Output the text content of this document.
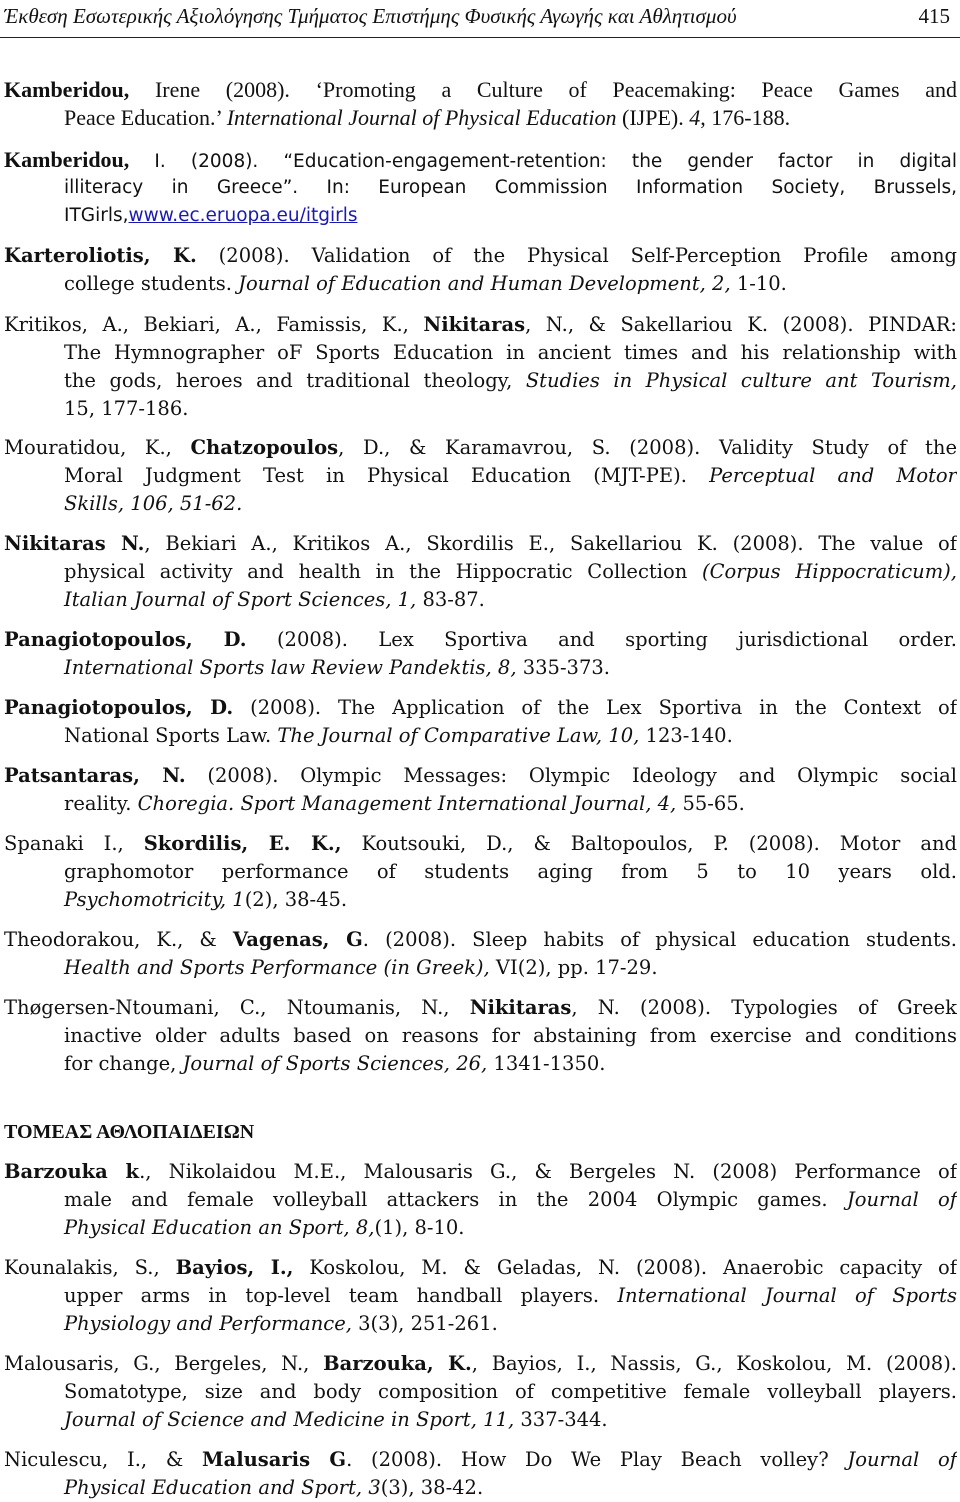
Έκθεση Εσωτερικής Αξιολόγησης Τμήματος Επιστήμης Φυσικής Αγωγής και Αθλητισμού	415
Kamberidou, Irene (2008). ‘Promoting a Culture of Peacemaking: Peace Games and
Peace Education.’ International Journal of Physical Education (IJPE). 4, 176-188.
Kamberidou, I. (2008). “Education-engagement-retention: the gender factor in digital
illiteracy in Greece”. In: European Commission Information Society, Brussels,
ITGirls,www.ec.eruopa.eu/itgirls
Karteroliotis, K. (2008). Validation of the Physical Self-Perception Profile among
college students. Journal of Education and Human Development, 2, 1-10.
Kritikos, A., Bekiari, A., Famissis, K., Nikitaras, N., & Sakellariou K. (2008). PINDAR:
The Hymnographer oF Sports Education in ancient times and his relationship with
the gods, heroes and traditional theology, Studies in Physical culture ant Tourism,
15, 177-186.
Mouratidou, K., Chatzopoulos, D., & Karamavrou, S. (2008). Validity Study of the
Moral Judgment Test in Physical Education (MJT-PE). Perceptual and Motor
Skills, 106, 51-62.
Nikitaras N., Bekiari A., Kritikos A., Skordilis E., Sakellariou K. (2008). The value of
physical activity and health in the Hippocratic Collection (Corpus Hippocraticum),
Italian Journal of Sport Sciences, 1, 83-87.
Panagiotopoulos, D. (2008). Lex Sportiva and sporting jurisdictional order.
International Sports law Review Pandektis, 8, 335-373.
Panagiotopoulos, D. (2008). The Application of the Lex Sportiva in the Context of
National Sports Law. The Journal of Comparative Law, 10, 123-140.
Patsantaras, N. (2008). Olympic Messages: Olympic Ideology and Olympic social
reality. Choregia. Sport Management International Journal, 4, 55-65.
Spanaki I., Skordilis, E. K., Koutsouki, D., & Baltopoulos, P. (2008). Motor and
graphomotor performance of students aging from 5 to 10 years old.
Psychomotricity, 1(2), 38-45.
Theodorakou, K., & Vagenas, G. (2008). Sleep habits of physical education students.
Health and Sports Performance (in Greek), VI(2), pp. 17-29.
Thøgersen-Ntoumani, C., Ntoumanis, N., Nikitaras, N. (2008). Typologies of Greek
inactive older adults based on reasons for abstaining from exercise and conditions
for change, Journal of Sports Sciences, 26, 1341-1350.
ΤΟΜΕΑΣ ΑΘΛΟΠΑΙΔΕΙΩΝ
Barzouka k., Nikolaidou M.E., Malousaris G., & Bergeles N. (2008) Performance of
male and female volleyball attackers in the 2004 Olympic games. Journal of
Physical Education an Sport, 8,(1), 8-10.
Kounalakis, S., Bayios, I., Koskolou, M. & Geladas, N. (2008). Anaerobic capacity of
upper arms in top-level team handball players. International Journal of Sports
Physiology and Performance, 3(3), 251-261.
Malousaris, G., Bergeles, N., Barzouka, K., Bayios, I., Nassis, G., Koskolou, M. (2008).
Somatotype, size and body composition of competitive female volleyball players.
Journal of Science and Medicine in Sport, 11, 337-344.
Niculescu, I., & Malusaris G. (2008). How Do We Play Beach volley? Journal of
Physical Education and Sport, 3(3), 38-42.
